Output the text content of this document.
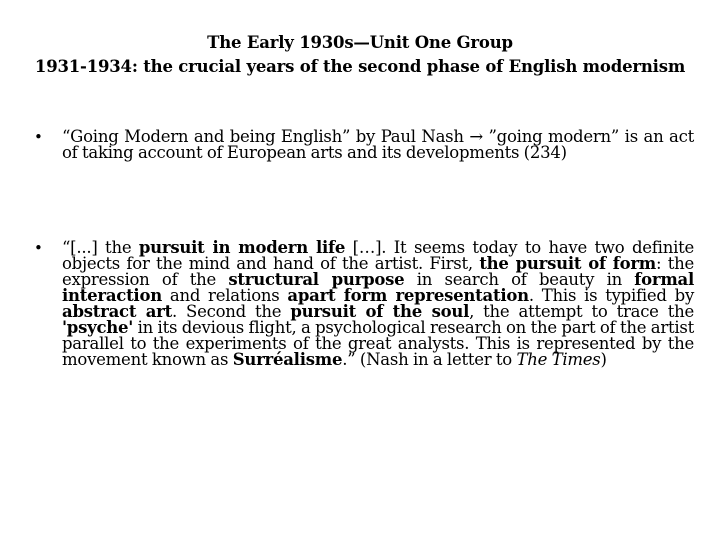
The Early 1930s—Unit One Group
1931-1934: the crucial years of the second phase of English modernism
• “Going Modern and being English” by Paul Nash → ”going modern” is an act of taking account of European arts and its developments (234)
• “[...] the pursuit in modern life […]. It seems today to have two definite objects for the mind and hand of the artist. First, the pursuit of form: the expression of the structural purpose in search of beauty in formal interaction and relations apart form representation. This is typified by abstract art. Second the pursuit of the soul, the attempt to trace the 'psyche' in its devious flight, a psychological research on the part of the artist parallel to the experiments of the great analysts. This is represented by the movement known as Surréalisme.” (Nash in a letter to The Times)
